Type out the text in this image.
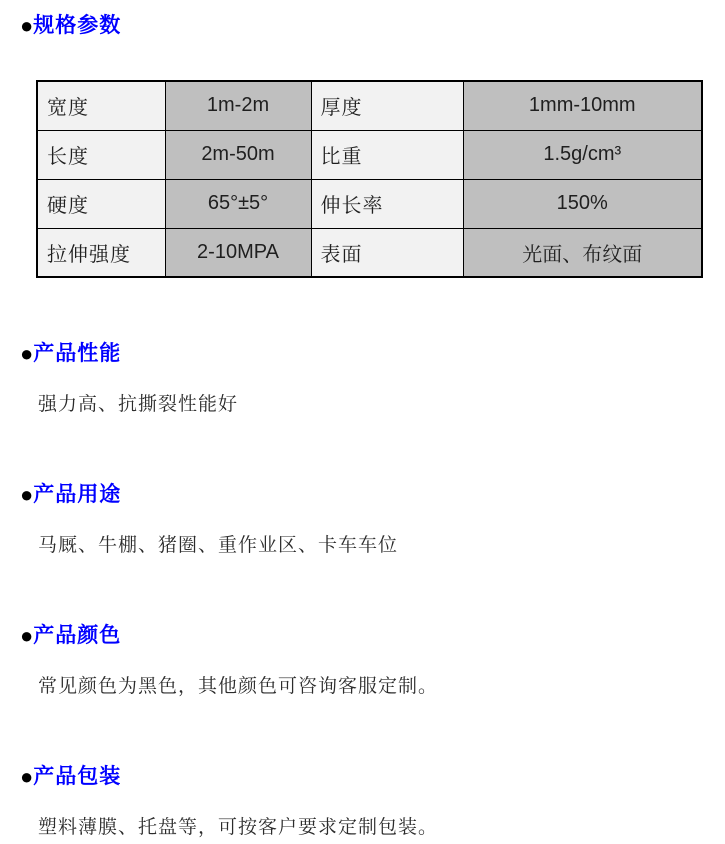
● 规格参数
宽度	1m-2m	厚度	1mm-10mm
长度	2m-50m	比重	1.5g/cm³
硬度	65°±5°	伸长率	150%
拉伸强度	2-10MPA	表面	光面、布纹面
● 产品性能
强力高、抗撕裂性能好
● 产品用途
马厩、牛棚、猪圈、重作业区、卡车车位
● 产品颜色
常见颜色为黑色，其他颜色可咨询客服定制。
● 产品包装
塑料薄膜、托盘等，可按客户要求定制包装。
